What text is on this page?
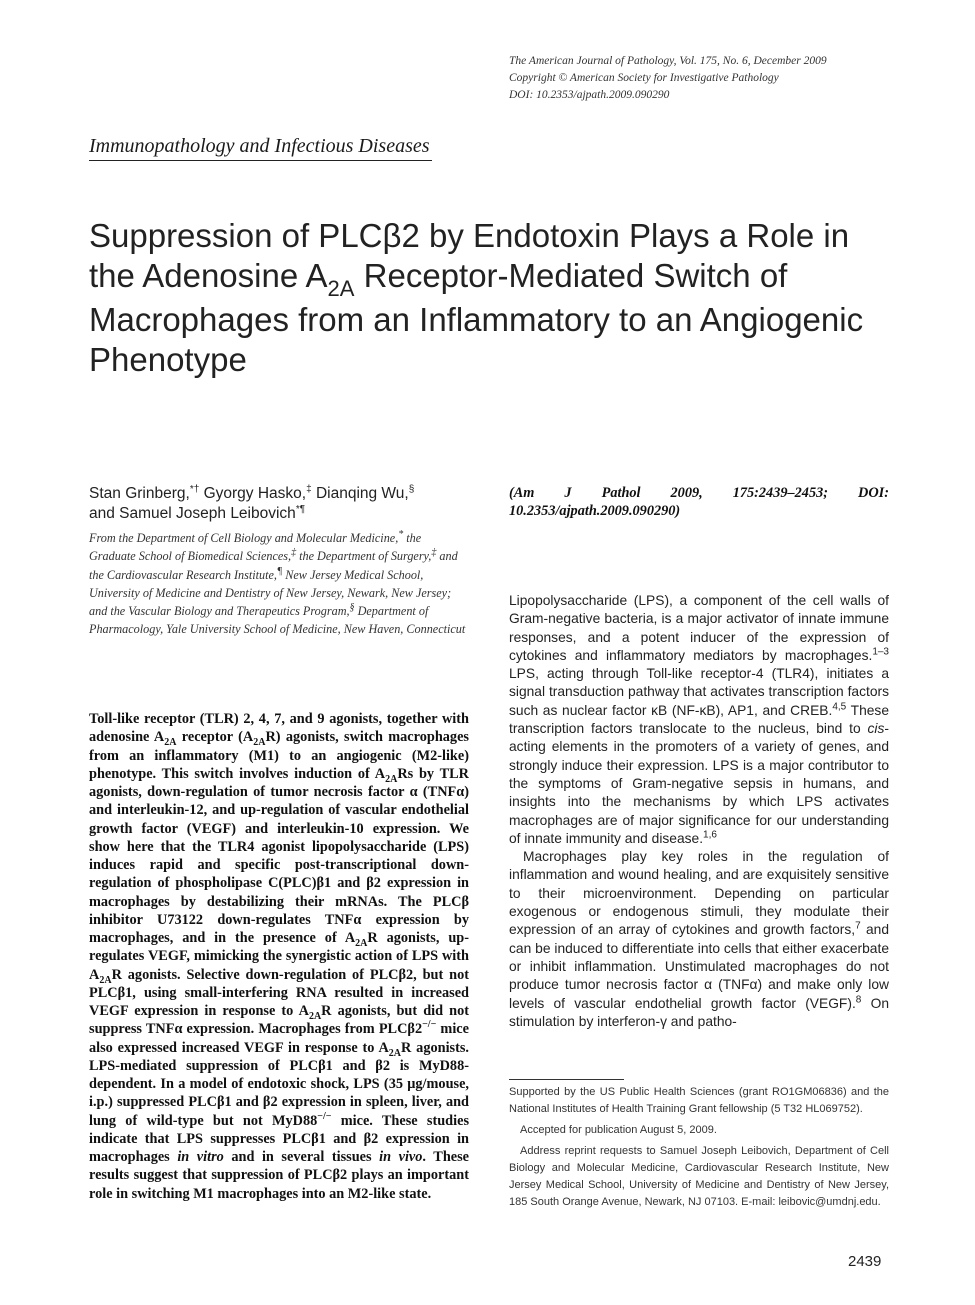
The American Journal of Pathology, Vol. 175, No. 6, December 2009
Copyright © American Society for Investigative Pathology
DOI: 10.2353/ajpath.2009.090290
Immunopathology and Infectious Diseases
Suppression of PLCβ2 by Endotoxin Plays a Role in the Adenosine $A_{2A}$ Receptor-Mediated Switch of Macrophages from an Inflammatory to an Angiogenic Phenotype
Stan Grinberg,*† Gyorgy Hasko,‡ Dianqing Wu,§
and Samuel Joseph Leibovich*¶
From the Department of Cell Biology and Molecular Medicine,* the Graduate School of Biomedical Sciences,‡ the Department of Surgery,‡ and the Cardiovascular Research Institute,¶ New Jersey Medical School, University of Medicine and Dentistry of New Jersey, Newark, New Jersey; and the Vascular Biology and Therapeutics Program,§ Department of Pharmacology, Yale University School of Medicine, New Haven, Connecticut
Toll-like receptor (TLR) 2, 4, 7, and 9 agonists, together with adenosine $A_{2A}$ receptor $(A_{2A}R)$ agonists, switch macrophages from an inflammatory (M1) to an angiogenic (M2-like) phenotype. This switch involves induction of $A_{2A}Rs$ by TLR agonists, down-regulation of tumor necrosis factor α (TNFα) and interleukin-12, and up-regulation of vascular endothelial growth factor (VEGF) and interleukin-10 expression. We show here that the TLR4 agonist lipopolysaccharide (LPS) induces rapid and specific post-transcriptional down-regulation of phospholipase C(PLC)β1 and β2 expression in macrophages by destabilizing their mRNAs. The PLCβ inhibitor U73122 down-regulates TNFα expression by macrophages, and in the presence of $A_{2A}R$ agonists, up-regulates VEGF, mimicking the synergistic action of LPS with $A_{2A}R$ agonists. Selective down-regulation of PLCβ2, but not PLCβ1, using small-interfering RNA resulted in increased VEGF expression in response to $A_{2A}R$ agonists, but did not suppress TNFα expression. Macrophages from PLCβ2−/− mice also expressed increased VEGF in response to $A_{2A}R$ agonists. LPS-mediated suppression of PLCβ1 and β2 is MyD88-dependent. In a model of endotoxic shock, LPS (35 μg/mouse, i.p.) suppressed PLCβ1 and β2 expression in spleen, liver, and lung of wild-type but not MyD88−/− mice. These studies indicate that LPS suppresses PLCβ1 and β2 expression in macrophages in vitro and in several tissues in vivo. These results suggest that suppression of PLCβ2 plays an important role in switching M1 macrophages into an M2-like state.
(Am J Pathol 2009, 175:2439–2453; DOI: 10.2353/ajpath.2009.090290)

Lipopolysaccharide (LPS), a component of the cell walls of Gram-negative bacteria, is a major activator of innate immune responses, and a potent inducer of the expression of cytokines and inflammatory mediators by macrophages.$^{1-3}$ LPS, acting through Toll-like receptor-4 (TLR4), initiates a signal transduction pathway that activates transcription factors such as nuclear factor κB (NF-κB), AP1, and CREB.$^{4,5}$ These transcription factors translocate to the nucleus, bind to cis-acting elements in the promoters of a variety of genes, and strongly induce their expression. LPS is a major contributor to the symptoms of Gram-negative sepsis in humans, and insights into the mechanisms by which LPS activates macrophages are of major significance for our understanding of innate immunity and disease.$^{1,6}$

Macrophages play key roles in the regulation of inflammation and wound healing, and are exquisitely sensitive to their microenvironment. Depending on particular exogenous or endogenous stimuli, they modulate their expression of an array of cytokines and growth factors,$^7$ and can be induced to differentiate into cells that either exacerbate or inhibit inflammation. Unstimulated macrophages do not produce tumor necrosis factor α (TNFα) and make only low levels of vascular endothelial growth factor (VEGF).$^8$ On stimulation by interferon-γ and patho-

Supported by the US Public Health Sciences (grant RO1GM06836) and the National Institutes of Health Training Grant fellowship (5 T32 HL069752).

Accepted for publication August 5, 2009.

Address reprint requests to Samuel Joseph Leibovich, Department of Cell Biology and Molecular Medicine, Cardiovascular Research Institute, New Jersey Medical School, University of Medicine and Dentistry of New Jersey, 185 South Orange Avenue, Newark, NJ 07103. E-mail: leibovic@umdnj.edu.

2439
